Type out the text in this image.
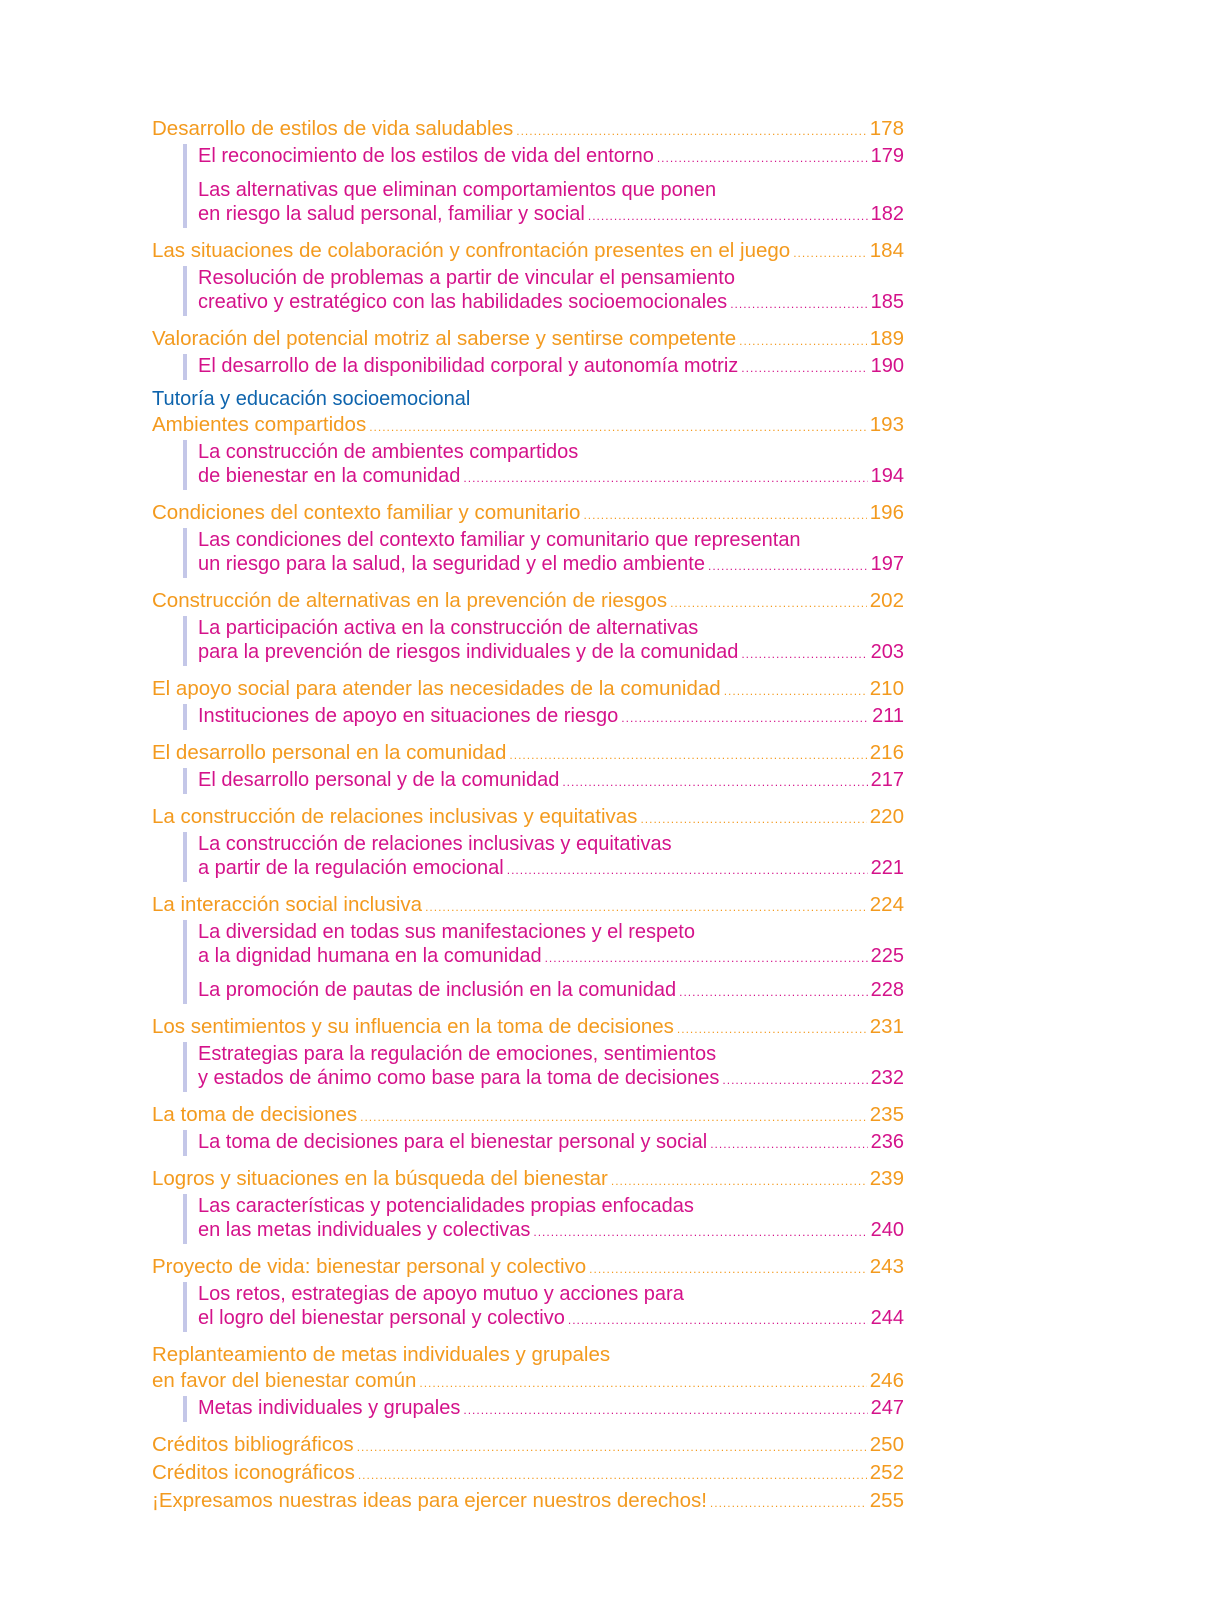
Desarrollo de estilos de vida saludables .....	178
El reconocimiento de los estilos de vida del entorno .....	179
Las alternativas que eliminan comportamientos que ponen
en riesgo la salud personal, familiar y social .....	182
Las situaciones de colaboración y confrontación presentes en el juego .....	184
Resolución de problemas a partir de vincular el pensamiento
creativo y estratégico con las habilidades socioemocionales .....	185
Valoración del potencial motriz al saberse y sentirse competente .....	189
El desarrollo de la disponibilidad corporal y autonomía motriz .....	190
Tutoría y educación socioemocional
Ambientes compartidos .....	193
La construcción de ambientes compartidos
de bienestar en la comunidad .....	194
Condiciones del contexto familiar y comunitario .....	196
Las condiciones del contexto familiar y comunitario que representan
un riesgo para la salud, la seguridad y el medio ambiente .....	197
Construcción de alternativas en la prevención de riesgos .....	202
La participación activa en la construcción de alternativas
para la prevención de riesgos individuales y de la comunidad .....	203
El apoyo social para atender las necesidades de la comunidad .....	210
Instituciones de apoyo en situaciones de riesgo .....	211
El desarrollo personal en la comunidad .....	216
El desarrollo personal y de la comunidad .....	217
La construcción de relaciones inclusivas y equitativas .....	220
La construcción de relaciones inclusivas y equitativas
a partir de la regulación emocional .....	221
La interacción social inclusiva .....	224
La diversidad en todas sus manifestaciones y el respeto
a la dignidad humana en la comunidad .....	225
La promoción de pautas de inclusión en la comunidad .....	228
Los sentimientos y su influencia en la toma de decisiones .....	231
Estrategias para la regulación de emociones, sentimientos
y estados de ánimo como base para la toma de decisiones .....	232
La toma de decisiones .....	235
La toma de decisiones para el bienestar personal y social .....	236
Logros y situaciones en la búsqueda del bienestar .....	239
Las características y potencialidades propias enfocadas
en las metas individuales y colectivas .....	240
Proyecto de vida: bienestar personal y colectivo .....	243
Los retos, estrategias de apoyo mutuo y acciones para
el logro del bienestar personal y colectivo .....	244
Replanteamiento de metas individuales y grupales
en favor del bienestar común .....	246
Metas individuales y grupales .....	247
Créditos bibliográficos .....	250
Créditos iconográficos .....	252
¡Expresamos nuestras ideas para ejercer nuestros derechos! .....	255
